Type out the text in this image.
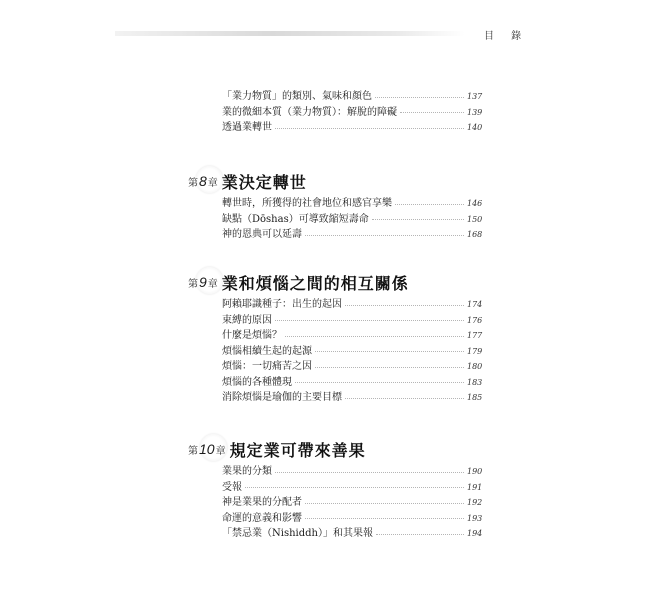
目 錄
「業力物質」的類別、氣味和顏色	137
業的微細本質（業力物質）：解脫的障礙	139
透過業轉世	140
第 8 章 業決定轉世
轉世時，所獲得的社會地位和感官享樂	146
缺點（Dōshas）可導致縮短壽命	150
神的恩典可以延壽	168
第 9 章 業和煩惱之間的相互關係
阿賴耶識種子：出生的起因	174
束縛的原因	176
什麼是煩惱？	177
煩惱相續生起的起源	179
煩惱：一切痛苦之因	180
煩惱的各種體現	183
消除煩惱是瑜伽的主要目標	185
第 10 章 規定業可帶來善果
業果的分類	190
受報	191
神是業果的分配者	192
命運的意義和影響	193
「禁忌業（Nishiddh）」和其果報	194
